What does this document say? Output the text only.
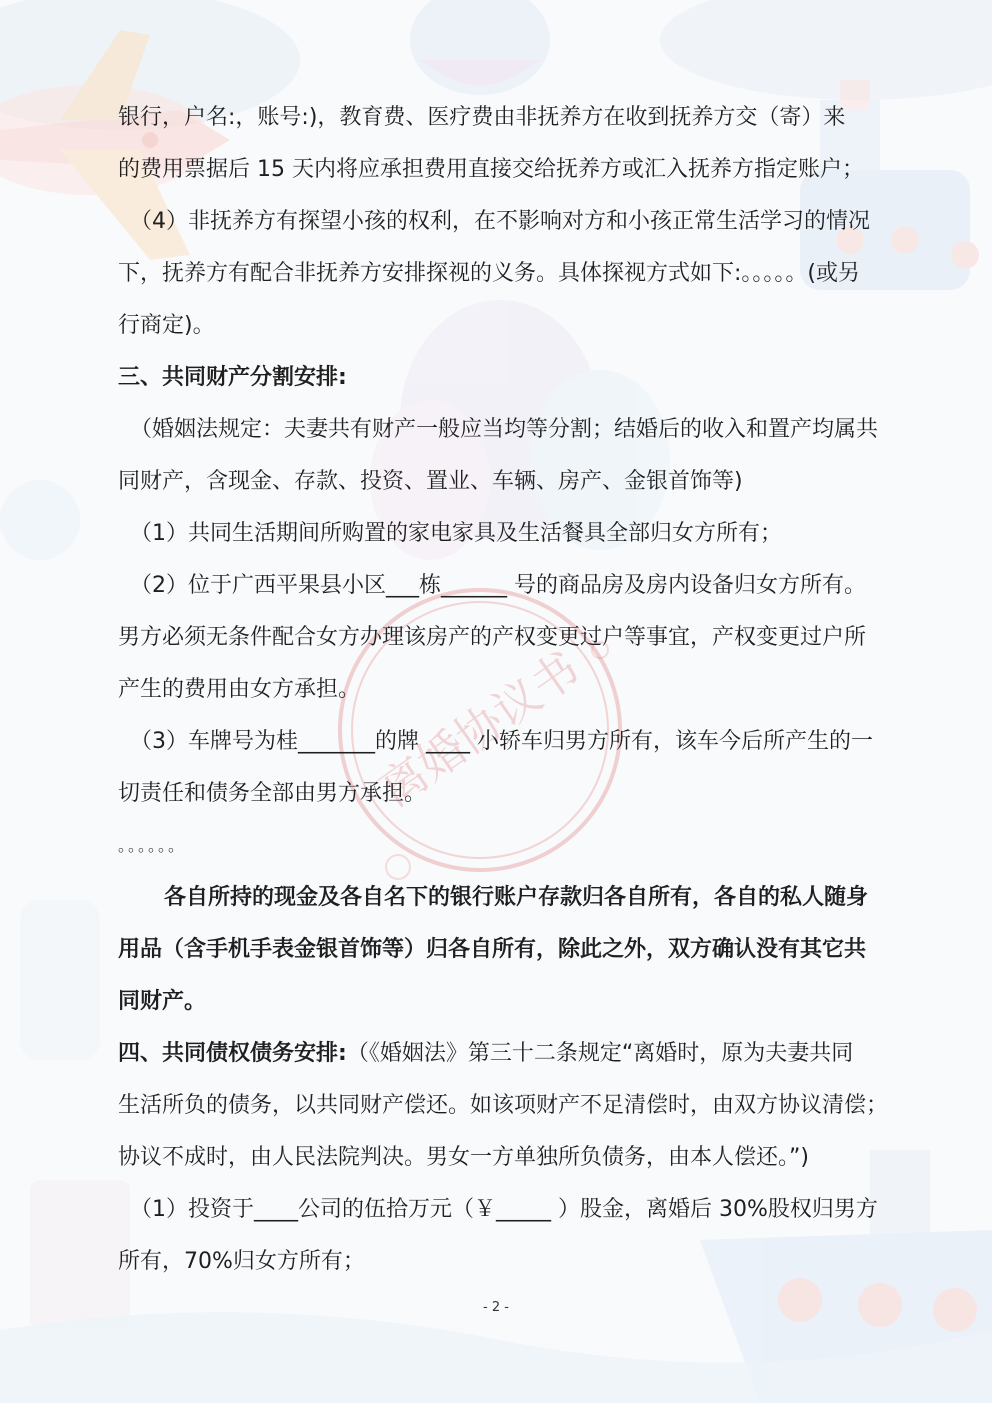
离婚协议书

银行，户名:，账号:)，教育费、医疗费由非抚养方在收到抚养方交（寄）来

的费用票据后 15 天内将应承担费用直接交给抚养方或汇入抚养方指定账户；

（4）非抚养方有探望小孩的权利，在不影响对方和小孩正常生活学习的情况

下，抚养方有配合非抚养方安排探视的义务。具体探视方式如下:。。。。。(或另

行商定)。

三、共同财产分割安排:

（婚姻法规定：夫妻共有财产一般应当均等分割；结婚后的收入和置产均属共

同财产，含现金、存款、投资、置业、车辆、房产、金银首饰等)

（1）共同生活期间所购置的家电家具及生活餐具全部归女方所有；

（2）位于广西平果县小区___栋______ 号的商品房及房内设备归女方所有。

男方必须无条件配合女方办理该房产的产权变更过户等事宜，产权变更过户所

产生的费用由女方承担。

（3）车牌号为桂_______的牌 ____ 小轿车归男方所有，该车今后所产生的一

切责任和债务全部由男方承担。

。。。。。。

各自所持的现金及各自名下的银行账户存款归各自所有，各自的私人随身

用品（含手机手表金银首饰等）归各自所有，除此之外，双方确认没有其它共

同财产。

四、共同债权债务安排:（《婚姻法》第三十二条规定“离婚时，原为夫妻共同

生活所负的债务，以共同财产偿还。如该项财产不足清偿时，由双方协议清偿；

协议不成时，由人民法院判决。男女一方单独所负债务，由本人偿还。”)

（1）投资于____公司的伍拾万元（￥_____ ）股金，离婚后 30%股权归男方

所有，70%归女方所有；

- 2 -
